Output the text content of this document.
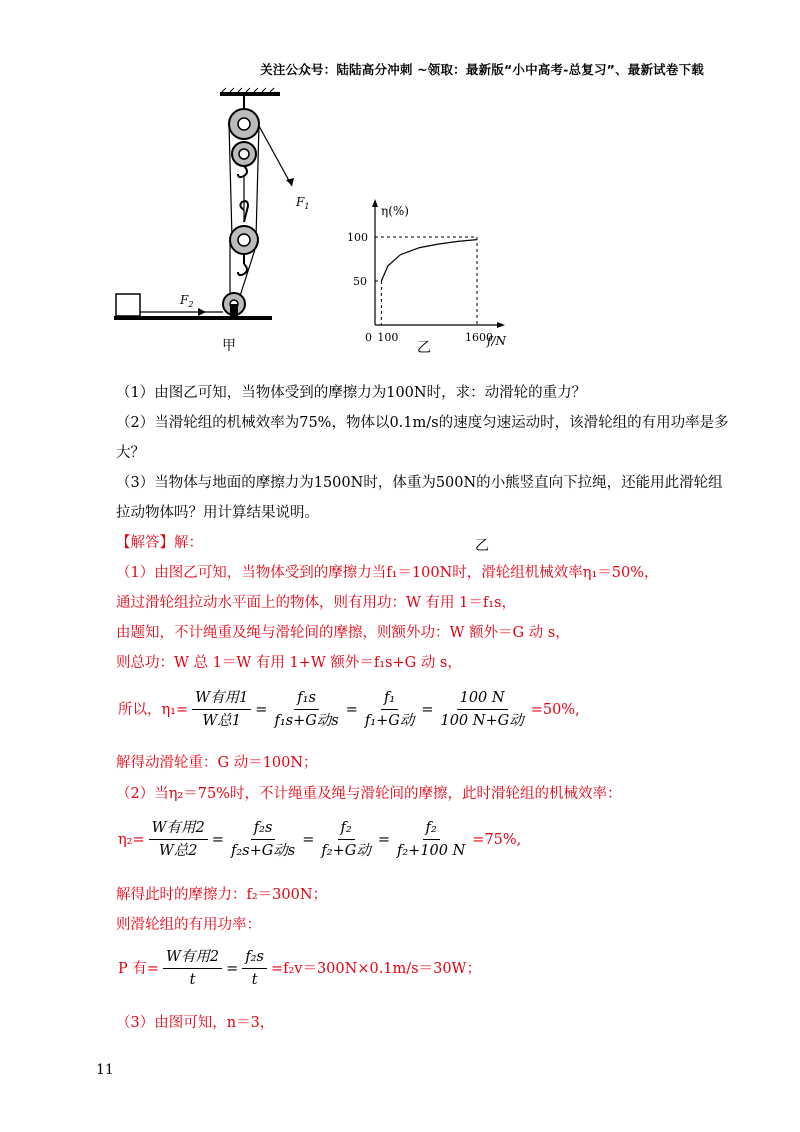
关注公众号：陆陆高分冲刺 ~领取：最新版“小中高考-总复习”、最新试卷下载
$F_1$
$F_2$
甲
η(%)
f/N
100
50
0 100	1600
乙
乙
（1）由图乙可知，当物体受到的摩擦力为100N时，求：动滑轮的重力？
（2）当滑轮组的机械效率为75%，物体以0.1m/s的速度匀速运动时，该滑轮组的有用功率是多
大？
（3）当物体与地面的摩擦力为1500N时，体重为500N的小熊竖直向下拉绳，还能用此滑轮组
拉动物体吗？用计算结果说明。
【解答】解：
（1）由图乙可知，当物体受到的摩擦力当f₁＝100N时，滑轮组机械效率η₁＝50%，
通过滑轮组拉动水平面上的物体，则有用功：W 有用 1＝f₁s，
由题知，不计绳重及绳与滑轮间的摩擦，则额外功：W 额外＝G 动 s，
则总功：W 总 1＝W 有用 1+W 额外＝f₁s+G 动 s，
所以，$\eta_1= \frac{\text{W有用1}}{\text{W总1}} = \frac{\text{f₁s}}{\text{f₁s+G动s}} = \frac{\text{f₁}}{\text{f₁+G动}} = \frac{100 N}{\text{100 N+G动}} =50\%$,
解得动滑轮重：G 动＝100N；
（2）当η₂＝75%时，不计绳重及绳与滑轮间的摩擦，此时滑轮组的机械效率：
$\eta_2= \frac{\text{W有用2}}{\text{W总2}} = \frac{\text{f₂s}}{\text{f₂s+G动s}} = \frac{\text{f₂}}{\text{f₂+G动}} = \frac{\text{f₂}}{\text{f₂+100 N}} =75\%$,
解得此时的摩擦力：f₂＝300N；
则滑轮组的有用功率：
P 有= $\frac{\text{W有用2}}{t} = \frac{\text{f₂s}}{t} =f_2v=300N\times 0.1m/s=30W$；
（3）由图可知，n＝3，
11
